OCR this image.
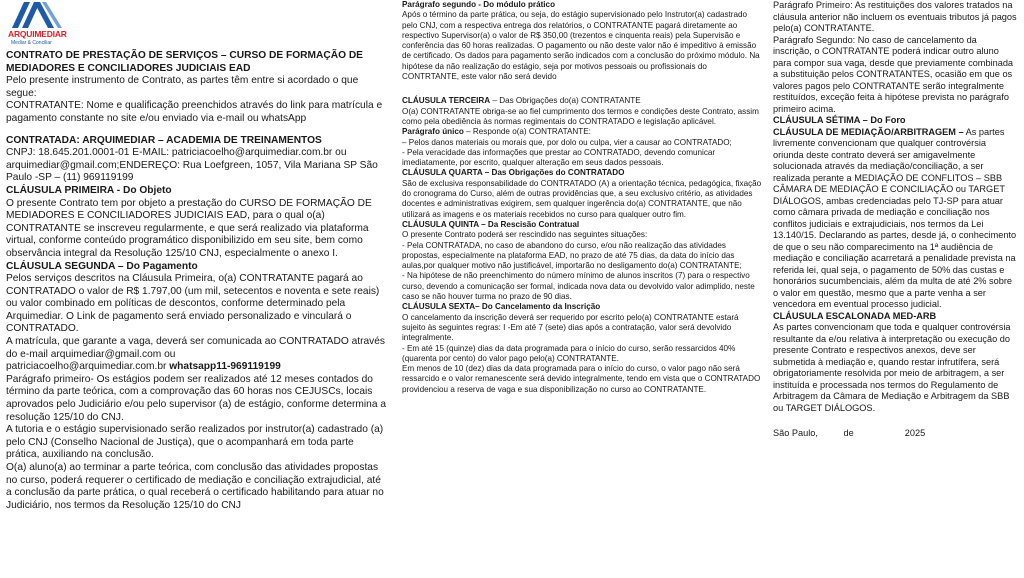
ARQUIMEDIAR
Mediar & Conciliar

CONTRATO DE PRESTAÇÃO DE SERVIÇOS – CURSO DE FORMAÇÃO DE MEDIADORES E CONCILIADORES JUDICIAIS EAD

Pelo presente instrumento de Contrato, as partes têm entre si acordado o que segue:

CONTRATANTE: Nome e qualificação preenchidos através do link para matrícula e pagamento constante no site e/ou enviado via e-mail ou whatsApp

CONTRATADA: ARQUIMEDIAR – ACADEMIA DE TREINAMENTOS

CNPJ: 18.645.201.0001-01 E-MAIL: patriciacoelho@arquimediar.com.br ou arquimediar@gmail.com;ENDEREÇO: Rua Loefgreen, 1057, Vila Mariana SP São Paulo -SP – (11) 969119199

CLÁUSULA PRIMEIRA - Do Objeto

O presente Contrato tem por objeto a prestação do CURSO DE FORMAÇÃO DE MEDIADORES E CONCILIADORES JUDICIAIS EAD, para o qual o(a) CONTRATANTE se inscreveu regularmente, e que será realizado via plataforma virtual, conforme conteúdo programático disponibilizido em seu site, bem como observância integral da Resolução 125/10 CNJ, especialmente o anexo I.

CLÁUSULA SEGUNDA – Do Pagamento

Pelos serviços descritos na Cláusula Primeira, o(a) CONTRATANTE pagará ao CONTRATADO o valor de R$ 1.797,00 (um mil, setecentos e noventa e sete reais) ou valor combinado em políticas de descontos, conforme determinado pela Arquimediar. O Link de pagamento será enviado personalizado e vinculará o CONTRATADO.

A matrícula, que garante a vaga, deverá ser comunicada ao CONTRATADO através do e-mail arquimediar@gmail.com ou

patriciacoelho@arquimediar.com.br whatsapp11-969119199

Parágrafo primeiro- Os estágios podem ser realizados até 12 meses contados do término da parte teórica, com a comprovação das 60 horas nos CEJUSCs, locais aprovados pelo Judiciário e/ou pelo supervisor (a) de estágio, conforme determina a resolução 125/10 do CNJ.

A tutoria e o estágio supervisionado serão realizados por instrutor(a) cadastrado (a) pelo CNJ (Conselho Nacional de Justiça), que o acompanhará em toda parte prática, auxiliando na conclusão.

O(a) aluno(a) ao terminar a parte teórica, com conclusão das atividades propostas no curso, poderá requerer o certificado de mediação e conciliação extrajudicial, até a conclusão da parte prática, o qual receberá o certificado habilitando para atuar no Judiciário, nos termos da Resolução 125/10 do CNJ

Parágrafo segundo - Do módulo prático

Após o término da parte prática, ou seja, do estágio supervisionado pelo Instrutor(a) cadastrado pelo CNJ, com a respectiva entrega dos relatórios, o CONTRATANTE pagará diretamente ao respectivo Supervisor(a) o valor de R$ 350,00 (trezentos e cinquenta reais) pela Supervisão e conferência das 60 horas realizadas. O pagamento ou não deste valor não é impeditivo à emissão de certificado. Os dados para pagamento serão indicados com a conclusão do próximo módulo. Na hipótese da não realização do estágio, seja por motivos pessoais ou profissionais do CONTRTANTE, este valor não será devido

CLÁUSULA TERCEIRA – Das Obrigações do(a) CONTRATANTE

O(a) CONTRATANTE obriga-se ao fiel cumprimento dos termos e condições deste Contrato, assim como pela obediência às normas regimentais do CONTRATADO e legislação aplicável.

Parágrafo único – Responde o(a) CONTRATANTE:

– Pelos danos materiais ou morais que, por dolo ou culpa, vier a causar ao CONTRATADO;

- Pela veracidade das informações que prestar ao CONTRATADO, devendo comunicar imediatamente, por escrito, qualquer alteração em seus dados pessoais.

CLÁUSULA QUARTA – Das Obrigações do CONTRATADO

São de exclusiva responsabilidade do CONTRATADO (A) a orientação técnica, pedagógica, fixação do cronograma do Curso, além de outras providências que, a seu exclusivo critério, as atividades docentes e administrativas exigirem, sem qualquer ingerência do(a) CONTRATANTE, que não utilizará as imagens e os materiais recebidos no curso para qualquer outro fim.

CLÁUSULA QUINTA – Da Rescisão Contratual

O presente Contrato poderá ser rescindido nas seguintes situações:

- Pela CONTRATADA, no caso de abandono do curso, e/ou não realização das atividades propostas, especialmente na plataforma EAD, no prazo de até 75 dias, da data do início das aulas,por qualquer motivo não justificável, importarão no desligamento do(a) CONTRATANTE;

- Na hipótese de não preenchimento do número mínimo de alunos inscritos (7) para o respectivo curso, devendo a comunicação ser formal, indicada nova data ou devolvido valor adimplido, neste caso se não houver turma no prazo de 90 dias.

CLÁUSULA SEXTA– Do Cancelamento da Inscrição

O cancelamento da inscrição deverá ser requerido por escrito pelo(a) CONTRATANTE estará sujeito às seguintes regras: I -Em até 7 (sete) dias após a contratação, valor será devolvido integralmente.

- Em até 15 (quinze) dias da data programada para o início do curso, serão ressarcidos 40% (quarenta por cento) do valor pago pelo(a) CONTRATANTE.

Em menos de 10 (dez) dias da data programada para o início do curso, o valor pago não será ressarcido e o valor remanescente será devido integralmente, tendo em vista que o CONTRATADO providenciou a reserva de vaga e sua disponibilização no curso ao CONTRATANTE.

Parágrafo Primeiro: As restituições dos valores tratados na cláusula anterior não incluem os eventuais tributos já pagos pelo(a) CONTRATANTE.

Parágrafo Segundo: No caso de cancelamento da inscrição, o CONTRATANTE poderá indicar outro aluno para compor sua vaga, desde que previamente combinada a substituição pelos CONTRATANTES, ocasião em que os valores pagos pelo CONTRATANTE serão integralmente restituídos, exceção feita à hipótese prevista no parágrafo primeiro acima.

CLÁUSULA SÉTIMA – Do Foro

CLÁUSULA DE MEDIAÇÃO/ARBITRAGEM – As partes livremente convencionam que qualquer controvérsia oriunda deste contrato deverá ser amigavelmente solucionada através da mediação/conciliação, a ser realizada perante a MEDIAÇÃO DE CONFLITOS – SBB CÂMARA DE MEDIAÇÃO E CONCILIAÇÃO ou TARGET DIÁLOGOS, ambas credenciadas pelo TJ-SP para atuar como câmara privada de mediação e conciliação nos conflitos judiciais e extrajudiciais, nos termos da Lei 13.140/15. Declarando as partes, desde já, o conhecimento de que o seu não comparecimento na 1ª audiência de mediação e conciliação acarretará a penalidade prevista na referida lei, qual seja, o pagamento de 50% das custas e honorários sucumbenciais, além da multa de até 2% sobre o valor em questão, mesmo que a parte venha a ser vencedora em eventual processo judicial.

CLÁUSULA ESCALONADA MED-ARB

As partes convencionam que toda e qualquer controvérsia resultante da e/ou relativa à interpretação ou execução do presente Contrato e respectivos anexos, deve ser submetida à mediação e, quando restar infrutífera, será obrigatoriamente resolvida por meio de arbitragem, a ser instituída e processada nos termos do Regulamento de Arbitragem da Câmara de Mediação e Arbitragem da SBB ou TARGET DIÁLOGOS.

São Paulo,          de                    2025
